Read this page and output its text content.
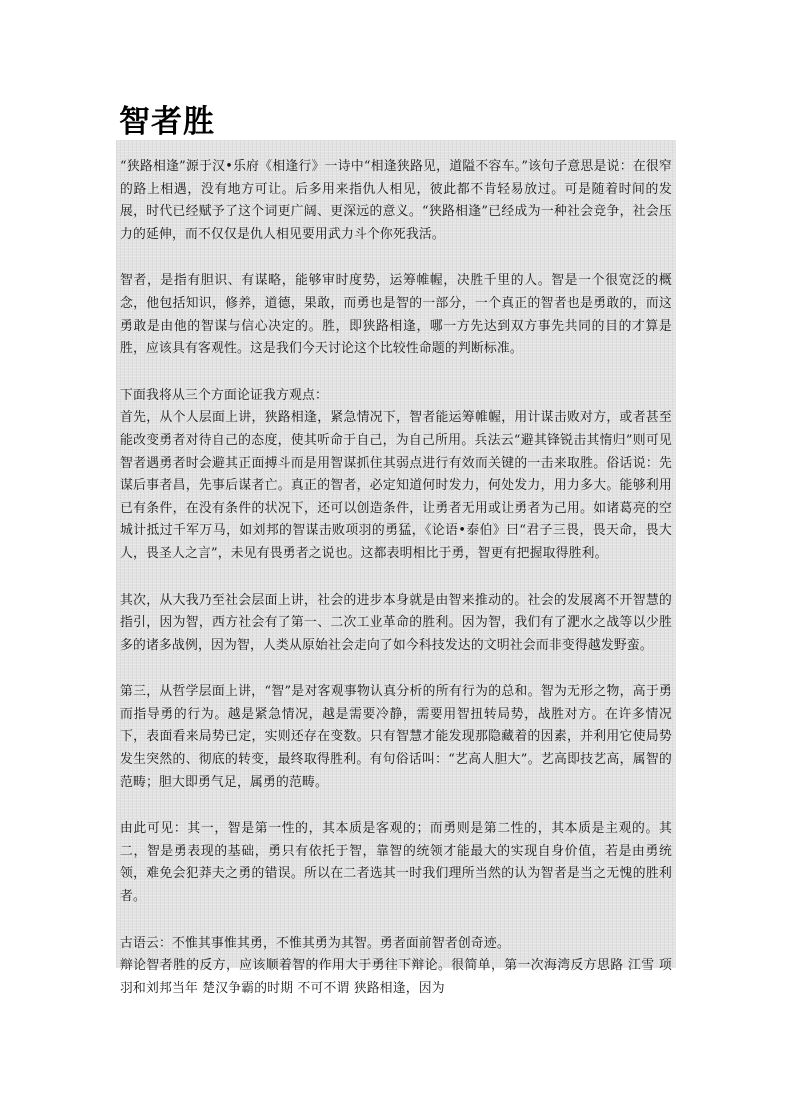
智者胜

“狭路相逢”源于汉•乐府《相逢行》一诗中“相逢狭路见，道隘不容车。”该句子意思是说：在很窄的路上相遇，没有地方可让。后多用来指仇人相见，彼此都不肯轻易放过。可是随着时间的发展，时代已经赋予了这个词更广阔、更深远的意义。“狭路相逢”已经成为一种社会竞争，社会压力的延伸，而不仅仅是仇人相见要用武力斗个你死我活。

智者，是指有胆识、有谋略，能够审时度势，运筹帷幄，决胜千里的人。智是一个很宽泛的概念，他包括知识，修养，道德，果敢，而勇也是智的一部分，一个真正的智者也是勇敢的，而这勇敢是由他的智谋与信心决定的。胜，即狭路相逢，哪一方先达到双方事先共同的目的才算是胜，应该具有客观性。这是我们今天讨论这个比较性命题的判断标准。

下面我将从三个方面论证我方观点：

首先，从个人层面上讲，狭路相逢，紧急情况下，智者能运筹帷幄，用计谋击败对方，或者甚至能改变勇者对待自己的态度，使其听命于自己，为自己所用。兵法云“避其锋锐击其惰归”则可见智者遇勇者时会避其正面搏斗而是用智谋抓住其弱点进行有效而关键的一击来取胜。俗话说：先谋后事者昌，先事后谋者亡。真正的智者，必定知道何时发力，何处发力，用力多大。能够利用已有条件，在没有条件的状况下，还可以创造条件，让勇者无用或让勇者为己用。如诸葛亮的空城计抵过千军万马，如刘邦的智谋击败项羽的勇猛，《论语•泰伯》曰“君子三畏，畏天命，畏大人，畏圣人之言”，未见有畏勇者之说也。这都表明相比于勇，智更有把握取得胜利。

其次，从大我乃至社会层面上讲，社会的进步本身就是由智来推动的。社会的发展离不开智慧的指引，因为智，西方社会有了第一、二次工业革命的胜利。因为智，我们有了淝水之战等以少胜多的诸多战例，因为智，人类从原始社会走向了如今科技发达的文明社会而非变得越发野蛮。

第三，从哲学层面上讲，“智”是对客观事物认真分析的所有行为的总和。智为无形之物，高于勇而指导勇的行为。越是紧急情况，越是需要冷静，需要用智扭转局势，战胜对方。在许多情况下，表面看来局势已定，实则还存在变数。只有智慧才能发现那隐藏着的因素，并利用它使局势发生突然的、彻底的转变，最终取得胜利。有句俗话叫：“艺高人胆大”。艺高即技艺高，属智的范畴；胆大即勇气足，属勇的范畴。

由此可见：其一，智是第一性的，其本质是客观的；而勇则是第二性的，其本质是主观的。其二，智是勇表现的基础，勇只有依托于智，靠智的统领才能最大的实现自身价值，若是由勇统领，难免会犯莽夫之勇的错误。所以在二者选其一时我们理所当然的认为智者是当之无愧的胜利者。

古语云：不惟其事惟其勇，不惟其勇为其智。勇者面前智者创奇迹。

辩论智者胜的反方，应该顺着智的作用大于勇往下辩论。很简单，第一次海湾反方思路 江雪 项羽和刘邦当年 楚汉争霸的时期 不可不谓 狭路相逢，因为
